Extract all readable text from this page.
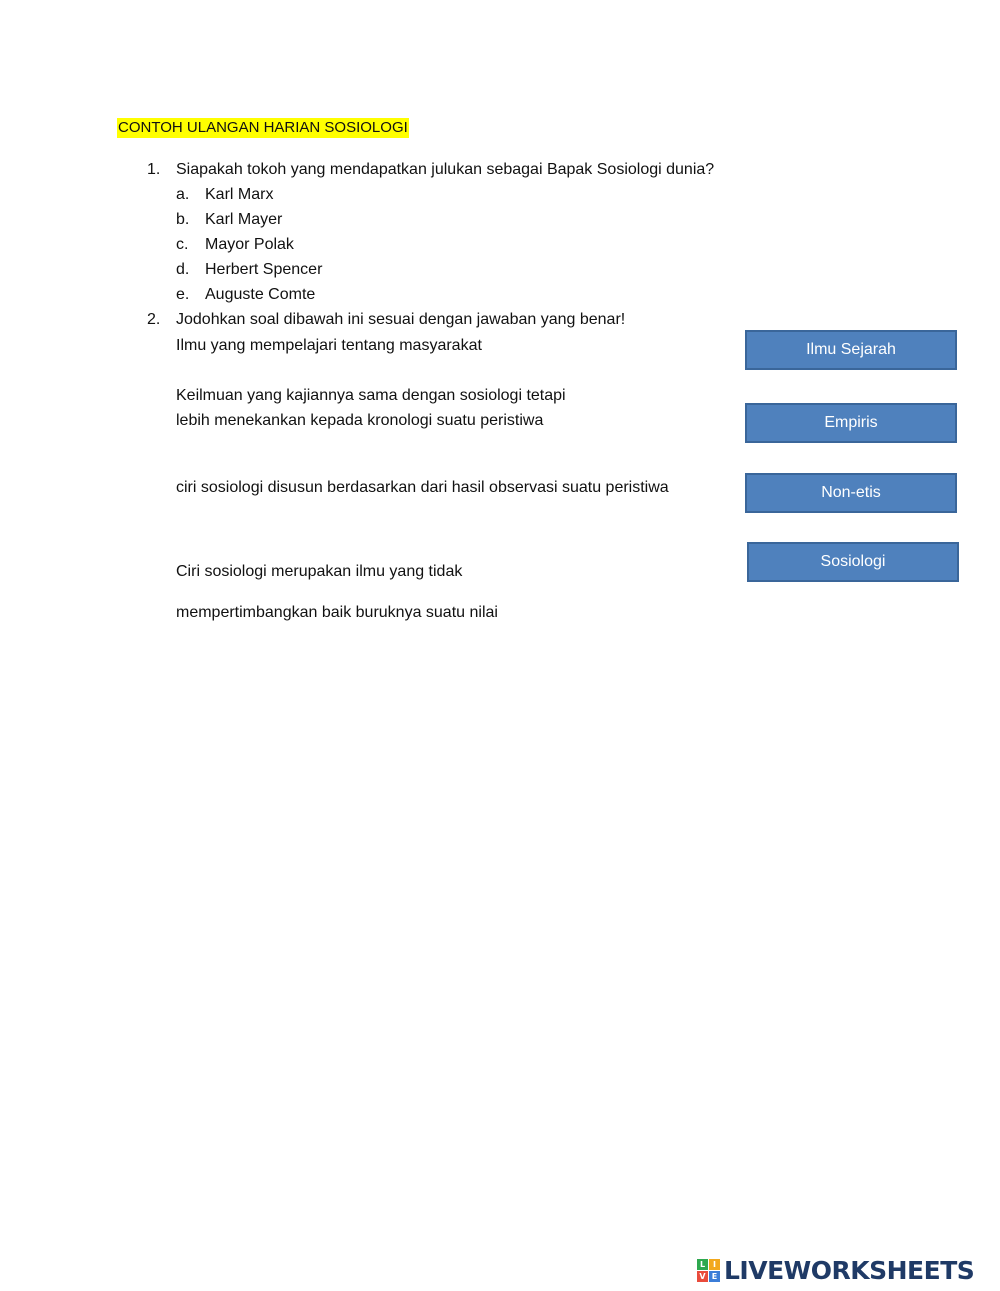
CONTOH ULANGAN HARIAN SOSIOLOGI
1. Siapakah tokoh yang mendapatkan julukan sebagai Bapak Sosiologi dunia?
a. Karl Marx
b. Karl Mayer
c. Mayor Polak
d. Herbert Spencer
e. Auguste Comte
2. Jodohkan soal dibawah ini sesuai dengan jawaban yang benar!
Ilmu yang mempelajari tentang masyarakat
Keilmuan yang kajiannya sama dengan sosiologi tetapi
lebih menekankan kepada kronologi suatu peristiwa
ciri sosiologi disusun berdasarkan dari hasil observasi suatu peristiwa
Ciri sosiologi merupakan ilmu yang tidak
mempertimbangkan baik buruknya suatu nilai
Ilmu Sejarah
Empiris
Non-etis
Sosiologi
L I
V E LIVEWORKSHEETS
